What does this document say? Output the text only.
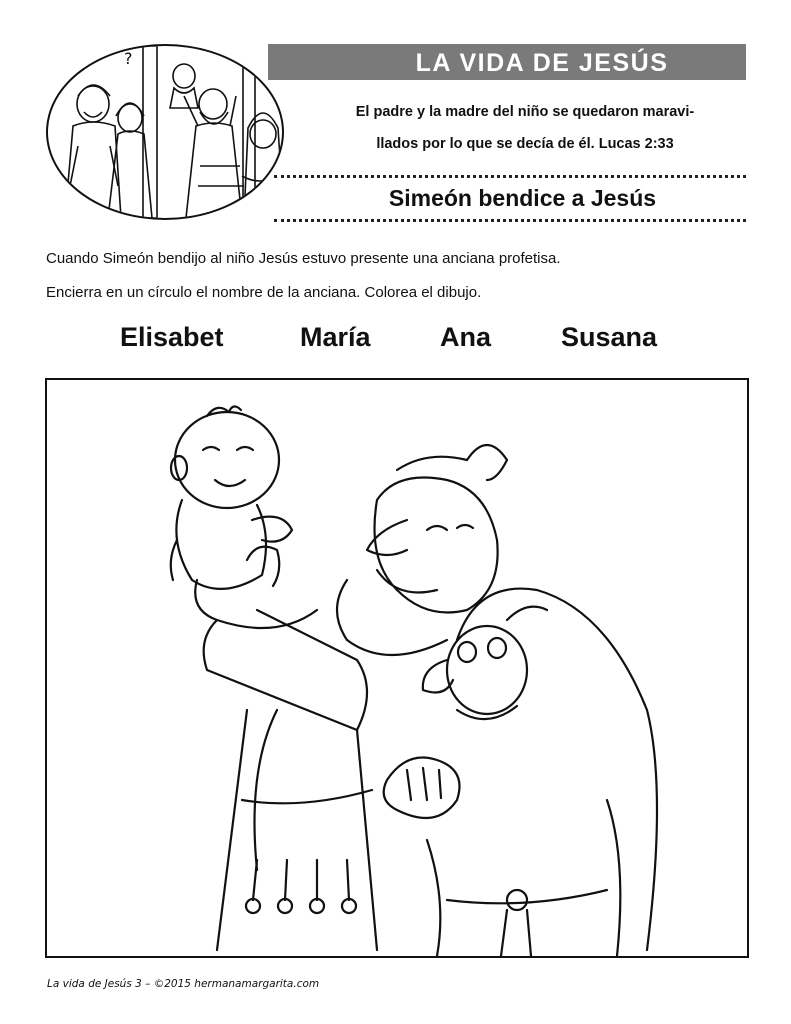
?	LA VIDA DE JESÚS
El padre y la madre del niño se quedaron maravi-
llados por lo que se decía de él. Lucas 2:33
Simeón bendice a Jesús
Cuando Simeón bendijo al niño Jesús estuvo presente una anciana profetisa.
Encierra en un círculo el nombre de la anciana. Colorea el dibujo.
Elisabet	María	Ana	Susana
La vida de Jesús 3 – ©2015 hermanamargarita.com
